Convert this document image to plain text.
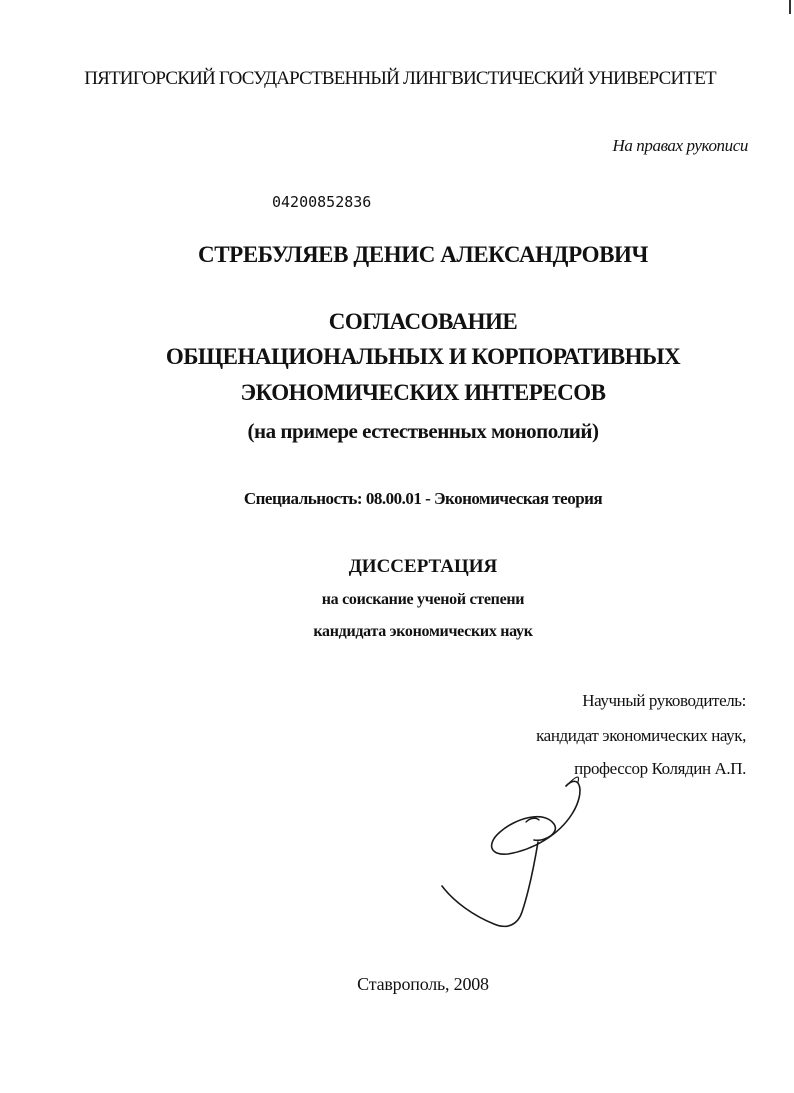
ПЯТИГОРСКИЙ ГОСУДАРСТВЕННЫЙ ЛИНГВИСТИЧЕСКИЙ УНИВЕРСИТЕТ
На правах рукописи
04200852836
СТРЕБУЛЯЕВ ДЕНИС АЛЕКСАНДРОВИЧ
СОГЛАСОВАНИЕ
ОБЩЕНАЦИОНАЛЬНЫХ И КОРПОРАТИВНЫХ
ЭКОНОМИЧЕСКИХ ИНТЕРЕСОВ
(на примере естественных монополий)
Специальность: 08.00.01 - Экономическая теория
ДИССЕРТАЦИЯ
на соискание ученой степени
кандидата экономических наук
Научный руководитель:
кандидат экономических наук,
профессор Колядин А.П.
Ставрополь, 2008
